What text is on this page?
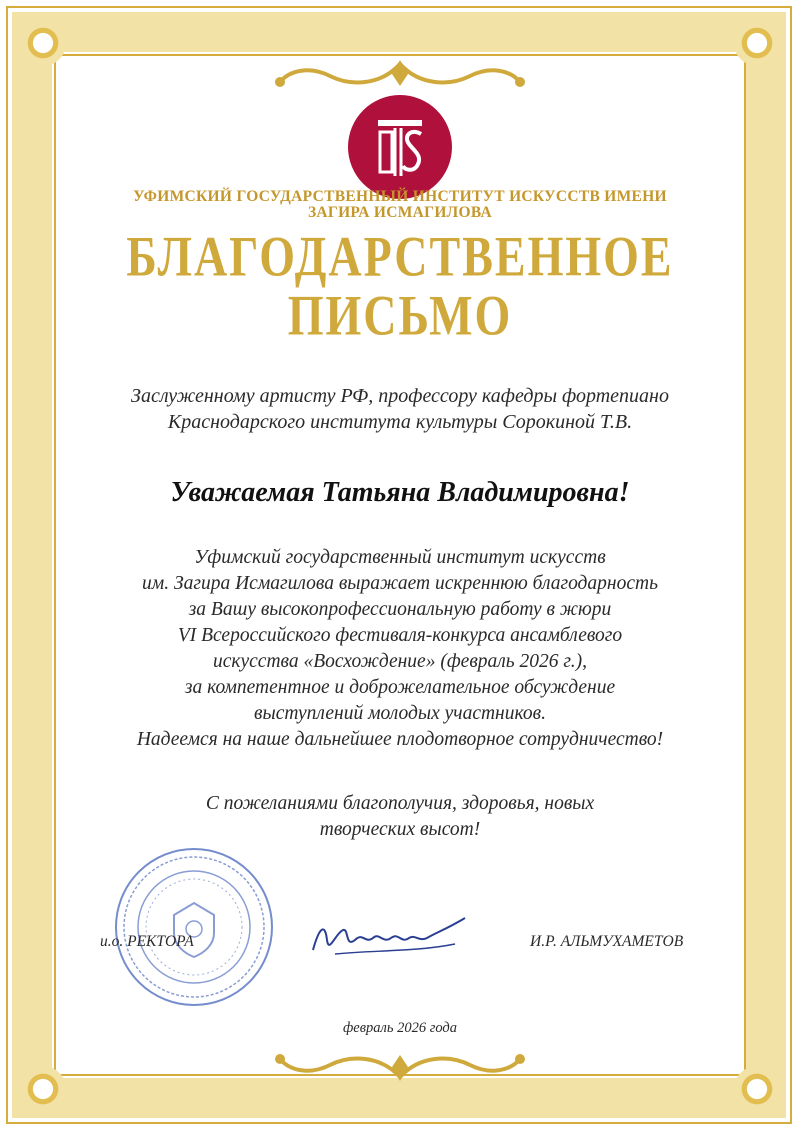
УФИМСКИЙ ГОСУДАРСТВЕННЫЙ ИНСТИТУТ ИСКУССТВ ИМЕНИ
ЗАГИРА ИСМАГИЛОВА
БЛАГОДАРСТВЕННОЕ
ПИСЬМО
Заслуженному артисту РФ, профессору кафедры фортепиано
Краснодарского института культуры Сорокиной Т.В.
Уважаемая Татьяна Владимировна!
Уфимский государственный институт искусств
им. Загира Исмагилова выражает искреннюю благодарность
за Вашу высокопрофессиональную работу в жюри
VI Всероссийского фестиваля-конкурса ансамблевого
искусства «Восхождение» (февраль 2026 г.),
за компетентное и доброжелательное обсуждение
выступлений молодых участников.
Надеемся на наше дальнейшее плодотворное сотрудничество!
С пожеланиями благополучия, здоровья, новых
творческих высот!
и.о. РЕКТОРА	И.Р. АЛЬМУХАМЕТОВ
февраль 2026 года
